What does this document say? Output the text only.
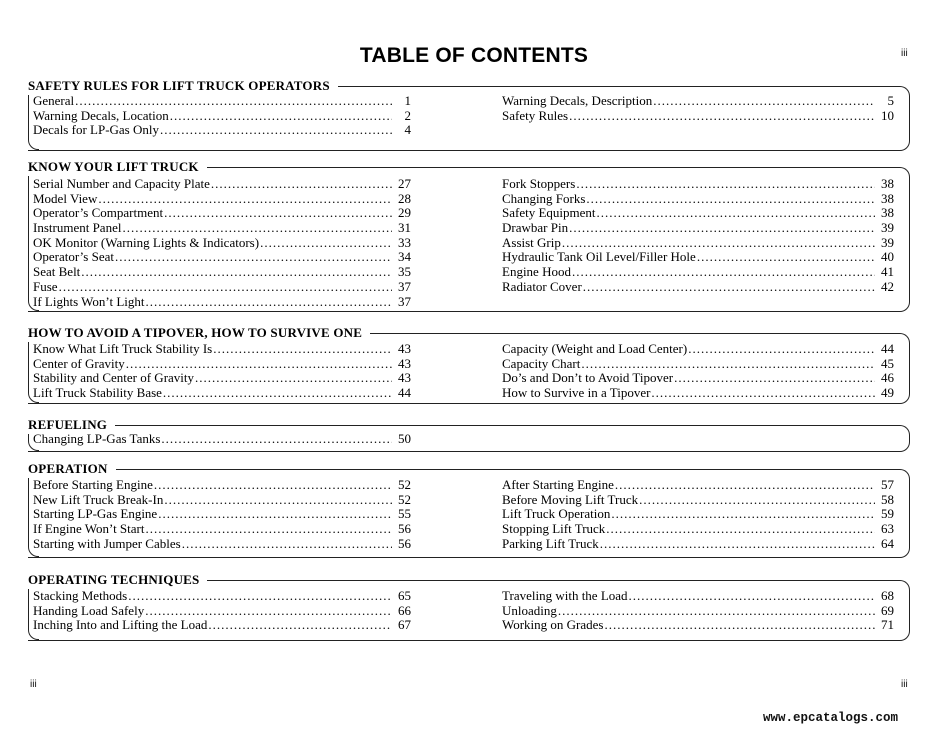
TABLE OF CONTENTS	iii
SAFETY RULES FOR LIFT TRUCK OPERATORS
General .....	1
Warning Decals, Location .....	2
Decals for LP-Gas Only .....	4
Warning Decals, Description .....	5
Safety Rules .....	10
KNOW YOUR LIFT TRUCK
Serial Number and Capacity Plate .....	27
Model View .....	28
Operator’s Compartment .....	29
Instrument Panel .....	31
OK Monitor (Warning Lights & Indicators) .....	33
Operator’s Seat .....	34
Seat Belt .....	35
Fuse .....	37
If Lights Won’t Light .....	37
Fork Stoppers .....	38
Changing Forks .....	38
Safety Equipment .....	38
Drawbar Pin .....	39
Assist Grip .....	39
Hydraulic Tank Oil Level/Filler Hole .....	40
Engine Hood .....	41
Radiator Cover .....	42
HOW TO AVOID A TIPOVER, HOW TO SURVIVE ONE
Know What Lift Truck Stability Is .....	43
Center of Gravity .....	43
Stability and Center of Gravity .....	43
Lift Truck Stability Base .....	44
Capacity (Weight and Load Center) .....	44
Capacity Chart .....	45
Do’s and Don’t to Avoid Tipover .....	46
How to Survive in a Tipover .....	49
REFUELING
Changing LP-Gas Tanks .....	50
OPERATION
Before Starting Engine .....	52
New Lift Truck Break-In .....	52
Starting LP-Gas Engine .....	55
If Engine Won’t Start .....	56
Starting with Jumper Cables .....	56
After Starting Engine .....	57
Before Moving Lift Truck .....	58
Lift Truck Operation .....	59
Stopping Lift Truck .....	63
Parking Lift Truck .....	64
OPERATING TECHNIQUES
Stacking Methods .....	65
Handing Load Safely .....	66
Inching Into and Lifting the Load .....	67
Traveling with the Load .....	68
Unloading .....	69
Working on Grades .....	71
iii	iii
www.epcatalogs.com
